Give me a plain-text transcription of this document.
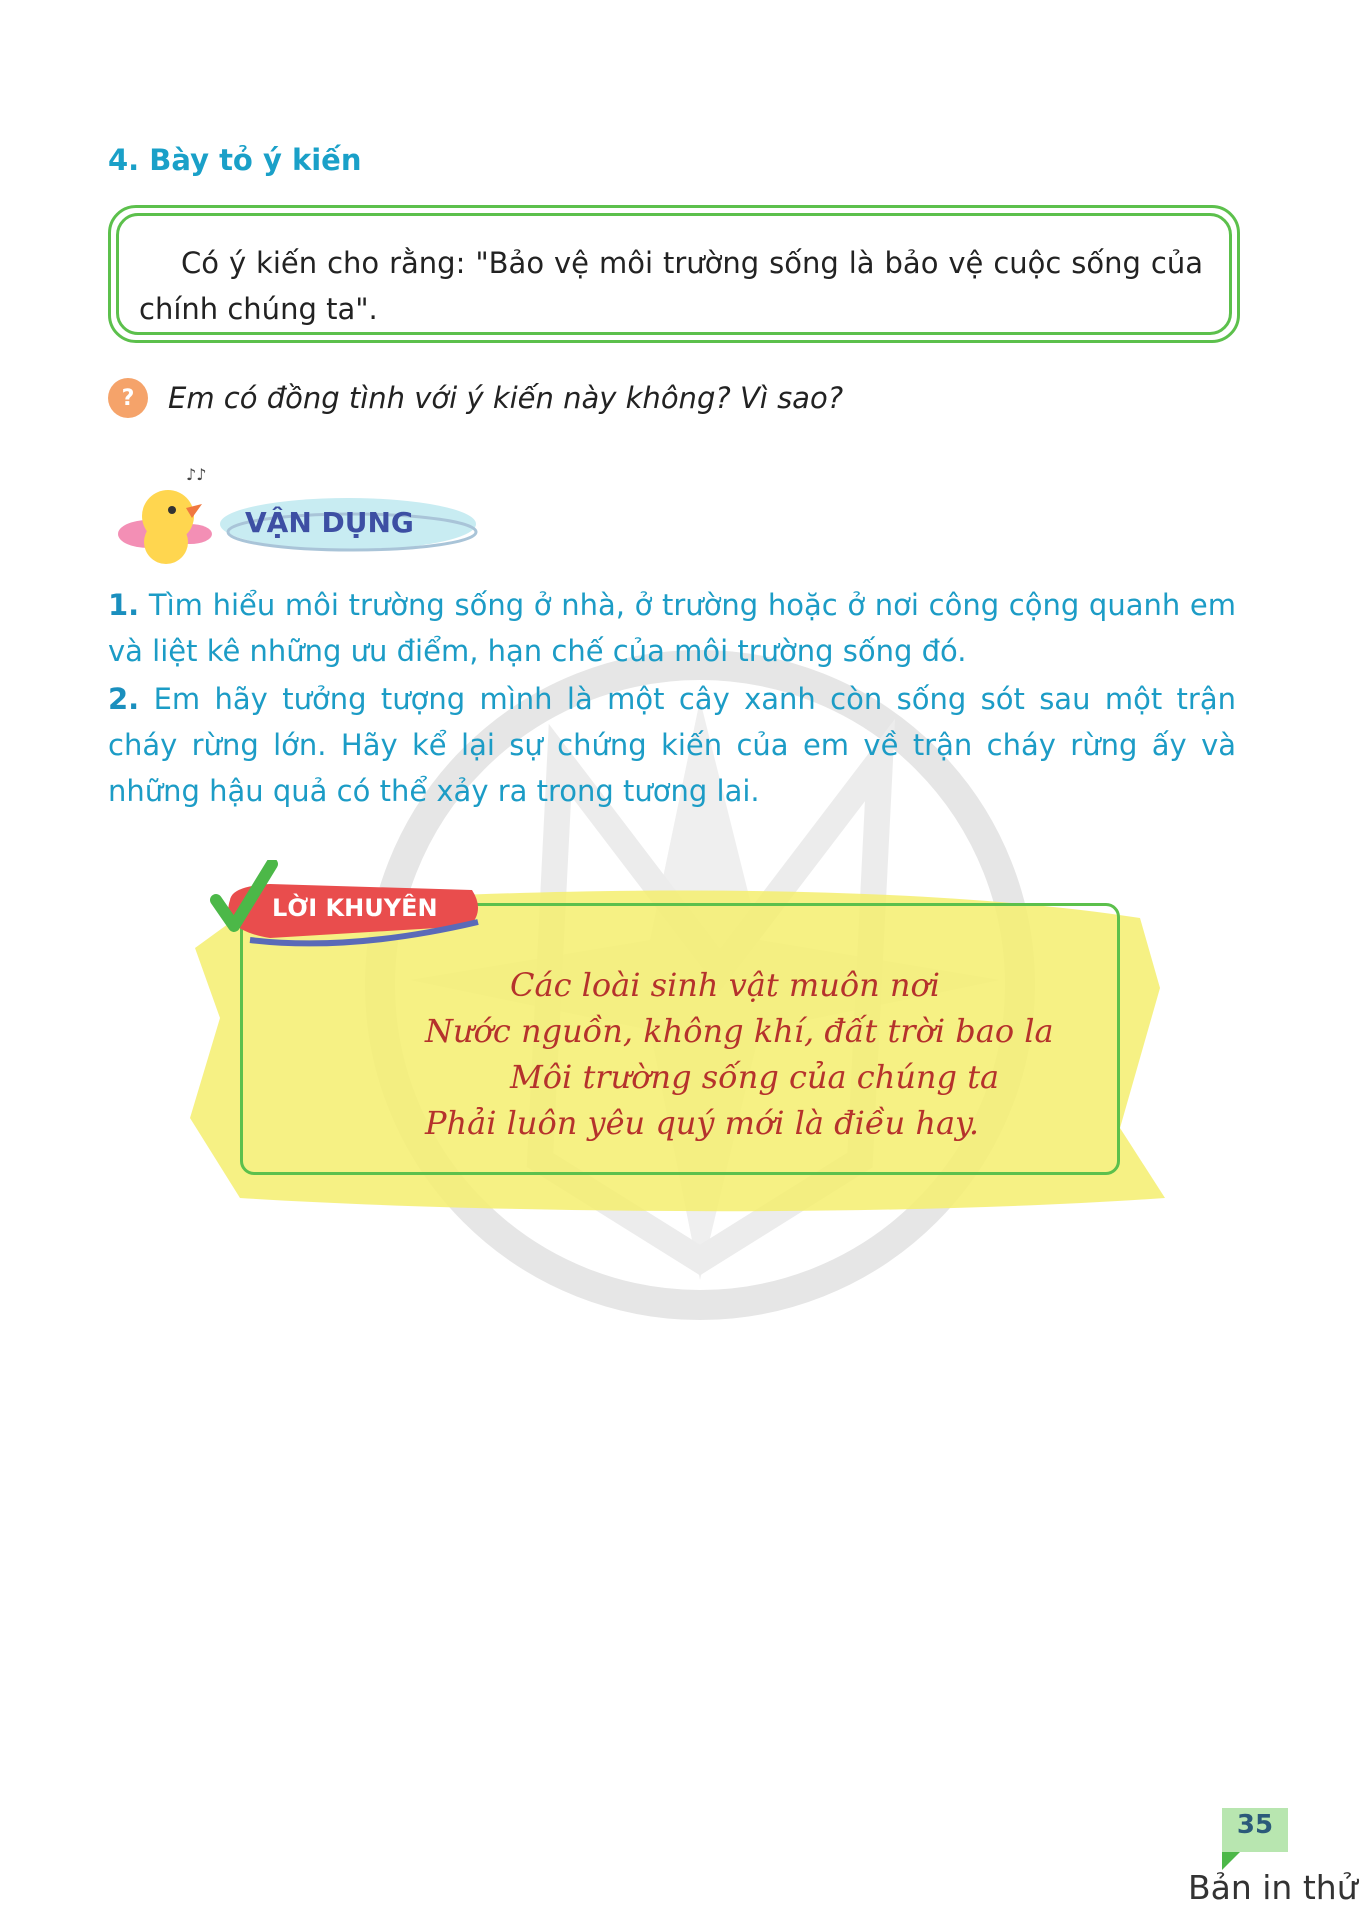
4. Bày tỏ ý kiến
Có ý kiến cho rằng: "Bảo vệ môi trường sống là bảo vệ cuộc sống của chính chúng ta".
?	Em có đồng tình với ý kiến này không? Vì sao?
♪♪
VẬN DỤNG
1. Tìm hiểu môi trường sống ở nhà, ở trường hoặc ở nơi công cộng quanh em và liệt kê những ưu điểm, hạn chế của môi trường sống đó.
2. Em hãy tưởng tượng mình là một cây xanh còn sống sót sau một trận cháy rừng lớn. Hãy kể lại sự chứng kiến của em về trận cháy rừng ấy và những hậu quả có thể xảy ra trong tương lai.
LỜI KHUYÊN
Các loài sinh vật muôn nơi
Nước nguồn, không khí, đất trời bao la
Môi trường sống của chúng ta
Phải luôn yêu quý mới là điều hay.
35
Bản in thử
